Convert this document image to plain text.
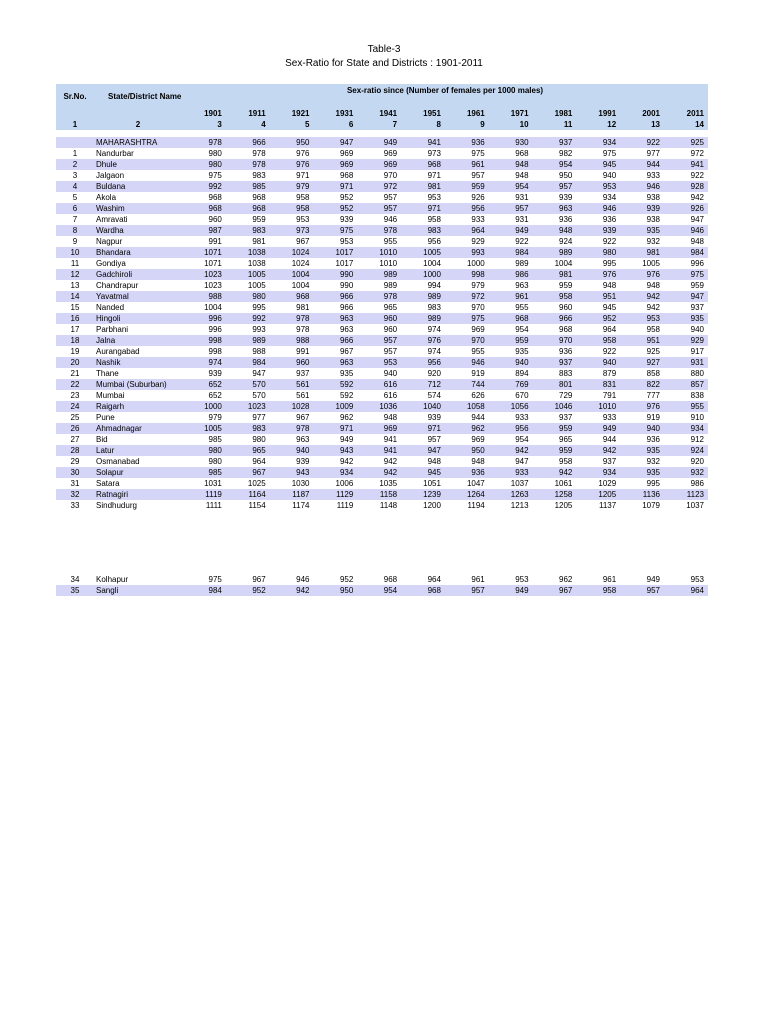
Table-3
Sex-Ratio for State and Districts : 1901-2011
Sr.No.	State/District Name	Sex-ratio since (Number of females per 1000 males)											

		1901	1911	1921	1931	1941	1951	1961	1971	1981	1991	2001	2011
1	2	3	4	5	6	7	8	9	10	11	12	13	14
	MAHARASHTRA	978	966	950	947	949	941	936	930	937	934	922	925
1	Nandurbar	980	978	976	969	969	973	975	968	982	975	977	972
2	Dhule	980	978	976	969	969	968	961	948	954	945	944	941
3	Jalgaon	975	983	971	968	970	971	957	948	950	940	933	922
4	Buldana	992	985	979	971	972	981	959	954	957	953	946	928
5	Akola	968	968	958	952	957	953	926	931	939	934	938	942
6	Washim	968	968	958	952	957	971	956	957	963	946	939	926
7	Amravati	960	959	953	939	946	958	933	931	936	936	938	947
8	Wardha	987	983	973	975	978	983	964	949	948	939	935	946
9	Nagpur	991	981	967	953	955	956	929	922	924	922	932	948
10	Bhandara	1071	1038	1024	1017	1010	1005	993	984	989	980	981	984
11	Gondiya	1071	1038	1024	1017	1010	1004	1000	989	1004	995	1005	996
12	Gadchiroli	1023	1005	1004	990	989	1000	998	986	981	976	976	975
13	Chandrapur	1023	1005	1004	990	989	994	979	963	959	948	948	959
14	Yavatmal	988	980	968	966	978	989	972	961	958	951	942	947
15	Nanded	1004	995	981	966	965	983	970	955	960	945	942	937
16	Hingoli	996	992	978	963	960	989	975	968	966	952	953	935
17	Parbhani	996	993	978	963	960	974	969	954	968	964	958	940
18	Jalna	998	989	988	966	957	976	970	959	970	958	951	929
19	Aurangabad	998	988	991	967	957	974	955	935	936	922	925	917
20	Nashik	974	984	960	963	953	956	946	940	937	940	927	931
21	Thane	939	947	937	935	940	920	919	894	883	879	858	880
22	Mumbai (Suburban)	652	570	561	592	616	712	744	769	801	831	822	857
23	Mumbai	652	570	561	592	616	574	626	670	729	791	777	838
24	Raigarh	1000	1023	1028	1009	1036	1040	1058	1056	1046	1010	976	955
25	Pune	979	977	967	962	948	939	944	933	937	933	919	910
26	Ahmadnagar	1005	983	978	971	969	971	962	956	959	949	940	934
27	Bid	985	980	963	949	941	957	969	954	965	944	936	912
28	Latur	980	965	940	943	941	947	950	942	959	942	935	924
29	Osmanabad	980	964	939	942	942	948	948	947	958	937	932	920
30	Solapur	985	967	943	934	942	945	936	933	942	934	935	932
31	Satara	1031	1025	1030	1006	1035	1051	1047	1037	1061	1029	995	986
32	Ratnagiri	1119	1164	1187	1129	1158	1239	1264	1263	1258	1205	1136	1123
33	Sindhudurg	1111	1154	1174	1119	1148	1200	1194	1213	1205	1137	1079	1037
34	Kolhapur	975	967	946	952	968	964	961	953	962	961	949	953
35	Sangli	984	952	942	950	954	968	957	949	967	958	957	964
